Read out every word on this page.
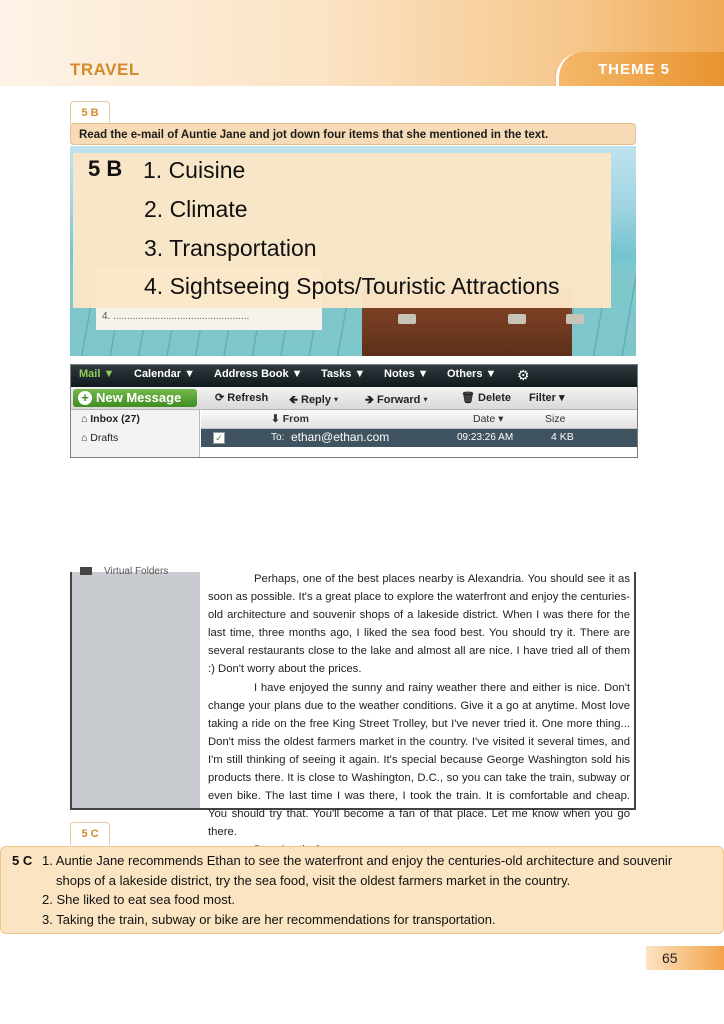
TRAVEL	THEME 5
5 B
Read the e-mail of Auntie Jane and jot down four items that she mentioned in the text.
4. .................................................
5 B 1. Cuisine
2. Climate
3. Transportation
4. Sightseeing Spots/Touristic Attractions
Mail ▼ Calendar ▼ Address Book ▼ Tasks ▼ Notes ▼ Others ▼ ⚙
+ New Message	⟳ Refresh 🡸 Reply ▾ 🡺 Forward ▾	🗑 Delete Filter ▾
⌂ Inbox (27)
⌂ Drafts
⬇ From	Date ▾	Size
✓	To: ethan@ethan.com	09:23:26 AM	4 KB
Virtual Folders

Perhaps, one of the best places nearby is Alexandria. You should see it as soon as possible. It's a great place to explore the waterfront and enjoy the centuries-old architecture and souvenir shops of a lakeside district. When I was there for the last time, three months ago, I liked the sea food best. You should try it. There are several restaurants close to the lake and almost all are nice. I have tried all of them :) Don't worry about the prices.

I have enjoyed the sunny and rainy weather there and either is nice. Don't change your plans due to the weather conditions. Give it a go at anytime. Most love taking a ride on the free King Street Trolley, but I've never tried it. One more thing... Don't miss the oldest farmers market in the country. I've visited it several times, and I'm still thinking of seeing it again. It's special because George Washington sold his products there. It is close to Washington, D.C., so you can take the train, subway or even bike. The last time I was there, I took the train. It is comfortable and cheap. You should try that. You'll become a fan of that place. Let me know when you go there.

5 C
5 C 1. Auntie Jane recommends Ethan to see the waterfront and enjoy the centuries-old architecture and souvenir
shops of a lakeside district, try the sea food, visit the oldest farmers market in the country.
2. She liked to eat sea food most.
3. Taking the train, subway or bike are her recommendations for transportation.
65
